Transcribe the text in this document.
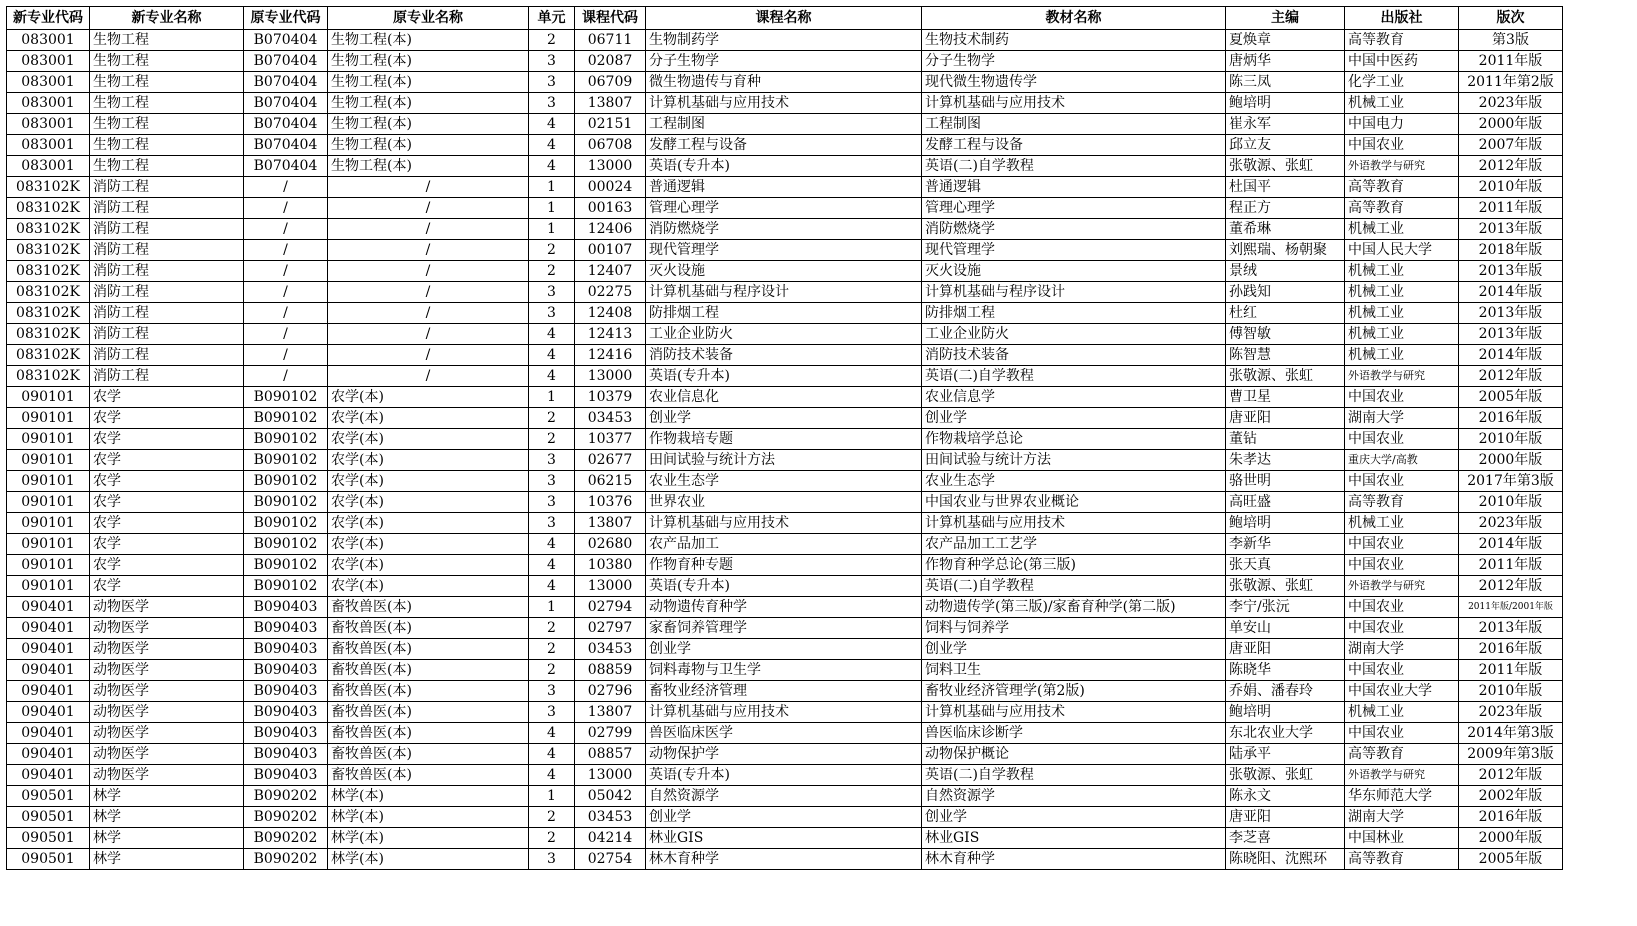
新专业代码	新专业名称	原专业代码	原专业名称	单元	课程代码	课程名称	教材名称	主编	出版社	版次
083001	生物工程	B070404	生物工程(本)	2	06711	生物制药学	生物技术制药	夏焕章	高等教育	第3版
083001	生物工程	B070404	生物工程(本)	3	02087	分子生物学	分子生物学	唐炳华	中国中医药	2011年版
083001	生物工程	B070404	生物工程(本)	3	06709	微生物遗传与育种	现代微生物遗传学	陈三凤	化学工业	2011年第2版
083001	生物工程	B070404	生物工程(本)	3	13807	计算机基础与应用技术	计算机基础与应用技术	鲍培明	机械工业	2023年版
083001	生物工程	B070404	生物工程(本)	4	02151	工程制图	工程制图	崔永军	中国电力	2000年版
083001	生物工程	B070404	生物工程(本)	4	06708	发酵工程与设备	发酵工程与设备	邱立友	中国农业	2007年版
083001	生物工程	B070404	生物工程(本)	4	13000	英语(专升本)	英语(二)自学教程	张敬源、张虹	外语教学与研究	2012年版
083102K	消防工程	/	/	1	00024	普通逻辑	普通逻辑	杜国平	高等教育	2010年版
083102K	消防工程	/	/	1	00163	管理心理学	管理心理学	程正方	高等教育	2011年版
083102K	消防工程	/	/	1	12406	消防燃烧学	消防燃烧学	董希琳	机械工业	2013年版
083102K	消防工程	/	/	2	00107	现代管理学	现代管理学	刘熙瑞、杨朝聚	中国人民大学	2018年版
083102K	消防工程	/	/	2	12407	灭火设施	灭火设施	景绒	机械工业	2013年版
083102K	消防工程	/	/	3	02275	计算机基础与程序设计	计算机基础与程序设计	孙践知	机械工业	2014年版
083102K	消防工程	/	/	3	12408	防排烟工程	防排烟工程	杜红	机械工业	2013年版
083102K	消防工程	/	/	4	12413	工业企业防火	工业企业防火	傅智敏	机械工业	2013年版
083102K	消防工程	/	/	4	12416	消防技术装备	消防技术装备	陈智慧	机械工业	2014年版
083102K	消防工程	/	/	4	13000	英语(专升本)	英语(二)自学教程	张敬源、张虹	外语教学与研究	2012年版
090101	农学	B090102	农学(本)	1	10379	农业信息化	农业信息学	曹卫星	中国农业	2005年版
090101	农学	B090102	农学(本)	2	03453	创业学	创业学	唐亚阳	湖南大学	2016年版
090101	农学	B090102	农学(本)	2	10377	作物栽培专题	作物栽培学总论	董钻	中国农业	2010年版
090101	农学	B090102	农学(本)	3	02677	田间试验与统计方法	田间试验与统计方法	朱孝达	重庆大学/高教	2000年版
090101	农学	B090102	农学(本)	3	06215	农业生态学	农业生态学	骆世明	中国农业	2017年第3版
090101	农学	B090102	农学(本)	3	10376	世界农业	中国农业与世界农业概论	高旺盛	高等教育	2010年版
090101	农学	B090102	农学(本)	3	13807	计算机基础与应用技术	计算机基础与应用技术	鲍培明	机械工业	2023年版
090101	农学	B090102	农学(本)	4	02680	农产品加工	农产品加工工艺学	李新华	中国农业	2014年版
090101	农学	B090102	农学(本)	4	10380	作物育种专题	作物育种学总论(第三版)	张天真	中国农业	2011年版
090101	农学	B090102	农学(本)	4	13000	英语(专升本)	英语(二)自学教程	张敬源、张虹	外语教学与研究	2012年版
090401	动物医学	B090403	畜牧兽医(本)	1	02794	动物遗传育种学	动物遗传学(第三版)/家畜育种学(第二版)	李宁/张沅	中国农业	2011年版/2001年版
090401	动物医学	B090403	畜牧兽医(本)	2	02797	家畜饲养管理学	饲料与饲养学	单安山	中国农业	2013年版
090401	动物医学	B090403	畜牧兽医(本)	2	03453	创业学	创业学	唐亚阳	湖南大学	2016年版
090401	动物医学	B090403	畜牧兽医(本)	2	08859	饲料毒物与卫生学	饲料卫生	陈晓华	中国农业	2011年版
090401	动物医学	B090403	畜牧兽医(本)	3	02796	畜牧业经济管理	畜牧业经济管理学(第2版)	乔娟、潘春玲	中国农业大学	2010年版
090401	动物医学	B090403	畜牧兽医(本)	3	13807	计算机基础与应用技术	计算机基础与应用技术	鲍培明	机械工业	2023年版
090401	动物医学	B090403	畜牧兽医(本)	4	02799	兽医临床医学	兽医临床诊断学	东北农业大学	中国农业	2014年第3版
090401	动物医学	B090403	畜牧兽医(本)	4	08857	动物保护学	动物保护概论	陆承平	高等教育	2009年第3版
090401	动物医学	B090403	畜牧兽医(本)	4	13000	英语(专升本)	英语(二)自学教程	张敬源、张虹	外语教学与研究	2012年版
090501	林学	B090202	林学(本)	1	05042	自然资源学	自然资源学	陈永文	华东师范大学	2002年版
090501	林学	B090202	林学(本)	2	03453	创业学	创业学	唐亚阳	湖南大学	2016年版
090501	林学	B090202	林学(本)	2	04214	林业GIS	林业GIS	李芝喜	中国林业	2000年版
090501	林学	B090202	林学(本)	3	02754	林木育种学	林木育种学	陈晓阳、沈熙环	高等教育	2005年版
